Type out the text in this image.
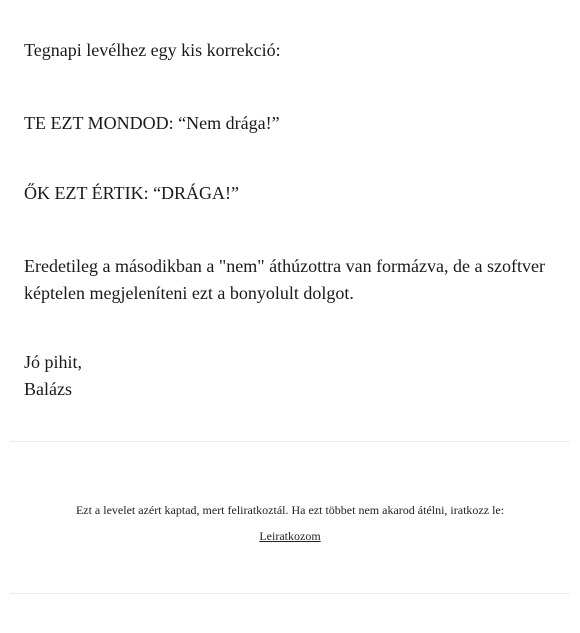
Tegnapi levélhez egy kis korrekció:

TE EZT MONDOD: “Nem drága!”

ŐK EZT ÉRTIK: “DRÁGA!”

Eredetileg a másodikban a "nem" áthúzottra van formázva, de a szoftver képtelen megjeleníteni ezt a bonyolult dolgot.

Jó pihit,

Balázs

Ezt a levelet azért kaptad, mert feliratkoztál. Ha ezt többet nem akarod átélni, iratkozz le:
Leiratkozom
